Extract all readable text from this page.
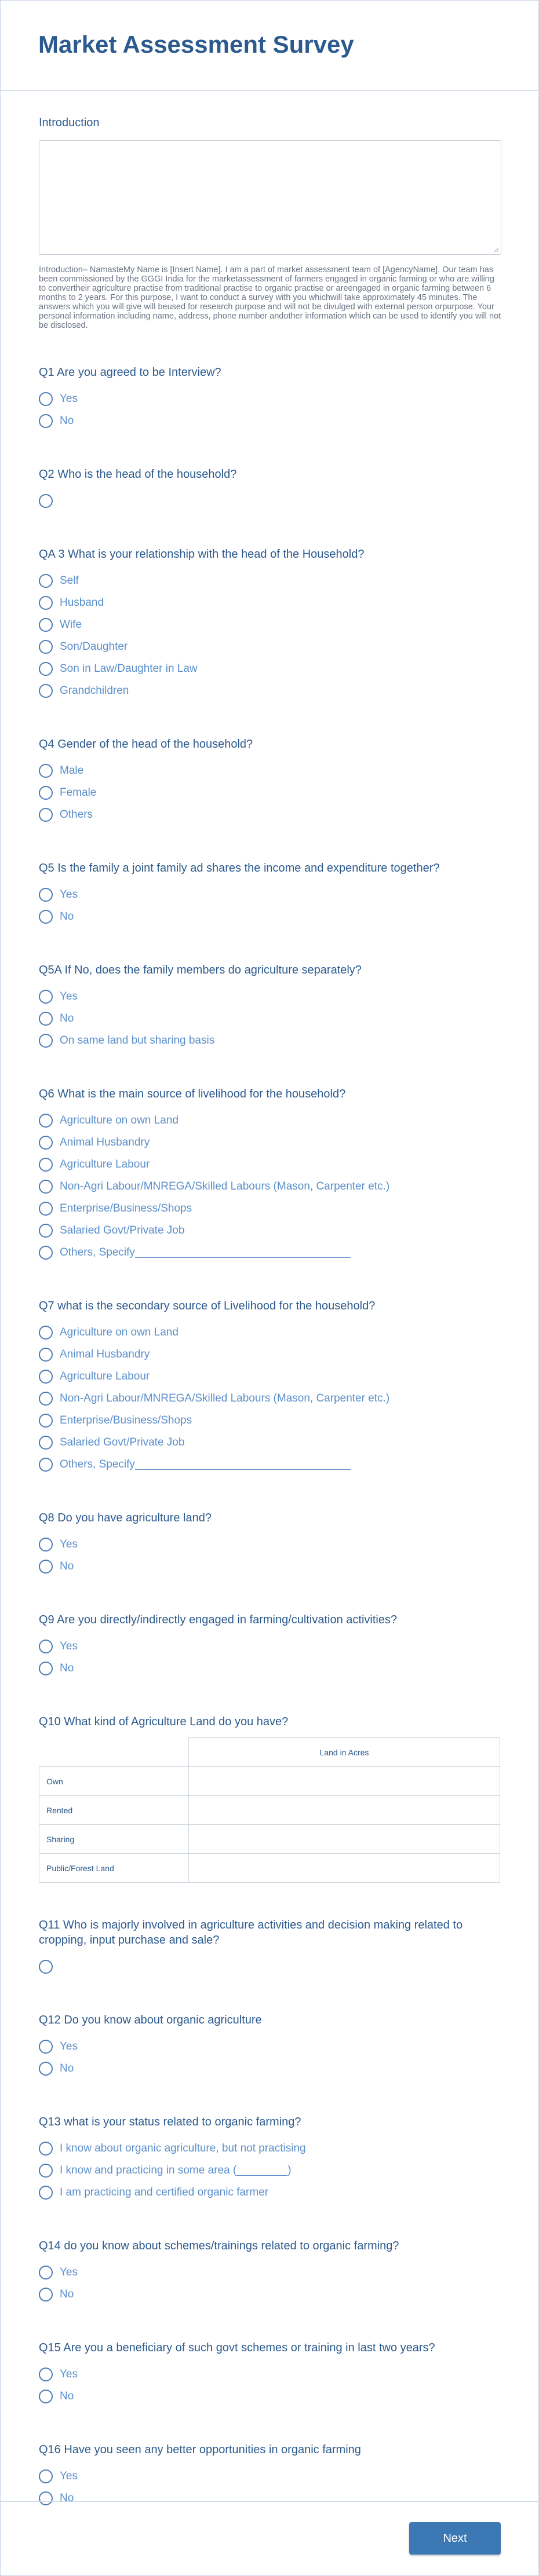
Market Assessment Survey
Introduction
Introduction– NamasteMy Name is [Insert Name]. I am a part of market assessment team of [AgencyName]. Our team has been commissioned by the GGGI India for the marketassessment of farmers engaged in organic farming or who are willing to convertheir agriculture practise from traditional practise to organic practise or areengaged in organic farming between 6 months to 2 years. For this purpose, I want to conduct a survey with you whichwill take approximately 45 minutes. The answers which you will give will beused for research purpose and will not be divulged with external person orpurpose. Your personal information including name, address, phone number andother information which can be used to identify you will not be disclosed.
Q1 Are you agreed to be Interview?
Yes
No
Q2 Who is the head of the household?
QA 3 What is your relationship with the head of the Household?
Self
Husband
Wife
Son/Daughter
Son in Law/Daughter in Law
Grandchildren
Q4 Gender of the head of the household?
Male
Female
Others
Q5 Is the family a joint family ad shares the income and expenditure together?
Yes
No
Q5A If No, does the family members do agriculture separately?
Yes
No
On same land but sharing basis
Q6 What is the main source of livelihood for the household?
Agriculture on own Land
Animal Husbandry
Agriculture Labour
Non-Agri Labour/MNREGA/Skilled Labours (Mason, Carpenter etc.)
Enterprise/Business/Shops
Salaried Govt/Private Job
Others, Specify
Q7 what is the secondary source of Livelihood for the household?
Agriculture on own Land
Animal Husbandry
Agriculture Labour
Non-Agri Labour/MNREGA/Skilled Labours (Mason, Carpenter etc.)
Enterprise/Business/Shops
Salaried Govt/Private Job
Others, Specify
Q8 Do you have agriculture land?
Yes
No
Q9 Are you directly/indirectly engaged in farming/cultivation activities?
Yes
No
Q10 What kind of Agriculture Land do you have?
	Land in Acres
Own	
Rented	
Sharing	
Public/Forest Land	
Q11 Who is majorly involved in agriculture activities and decision making related to cropping, input purchase and sale?
Q12 Do you know about organic agriculture
Yes
No
Q13 what is your status related to organic farming?
I know about organic agriculture, but not practising
I know and practicing in some area (	)
I am practicing and certified organic farmer
Q14 do you know about schemes/trainings related to organic farming?
Yes
No
Q15 Are you a beneficiary of such govt schemes or training in last two years?
Yes
No
Q16 Have you seen any better opportunities in organic farming
Yes
No
Next
